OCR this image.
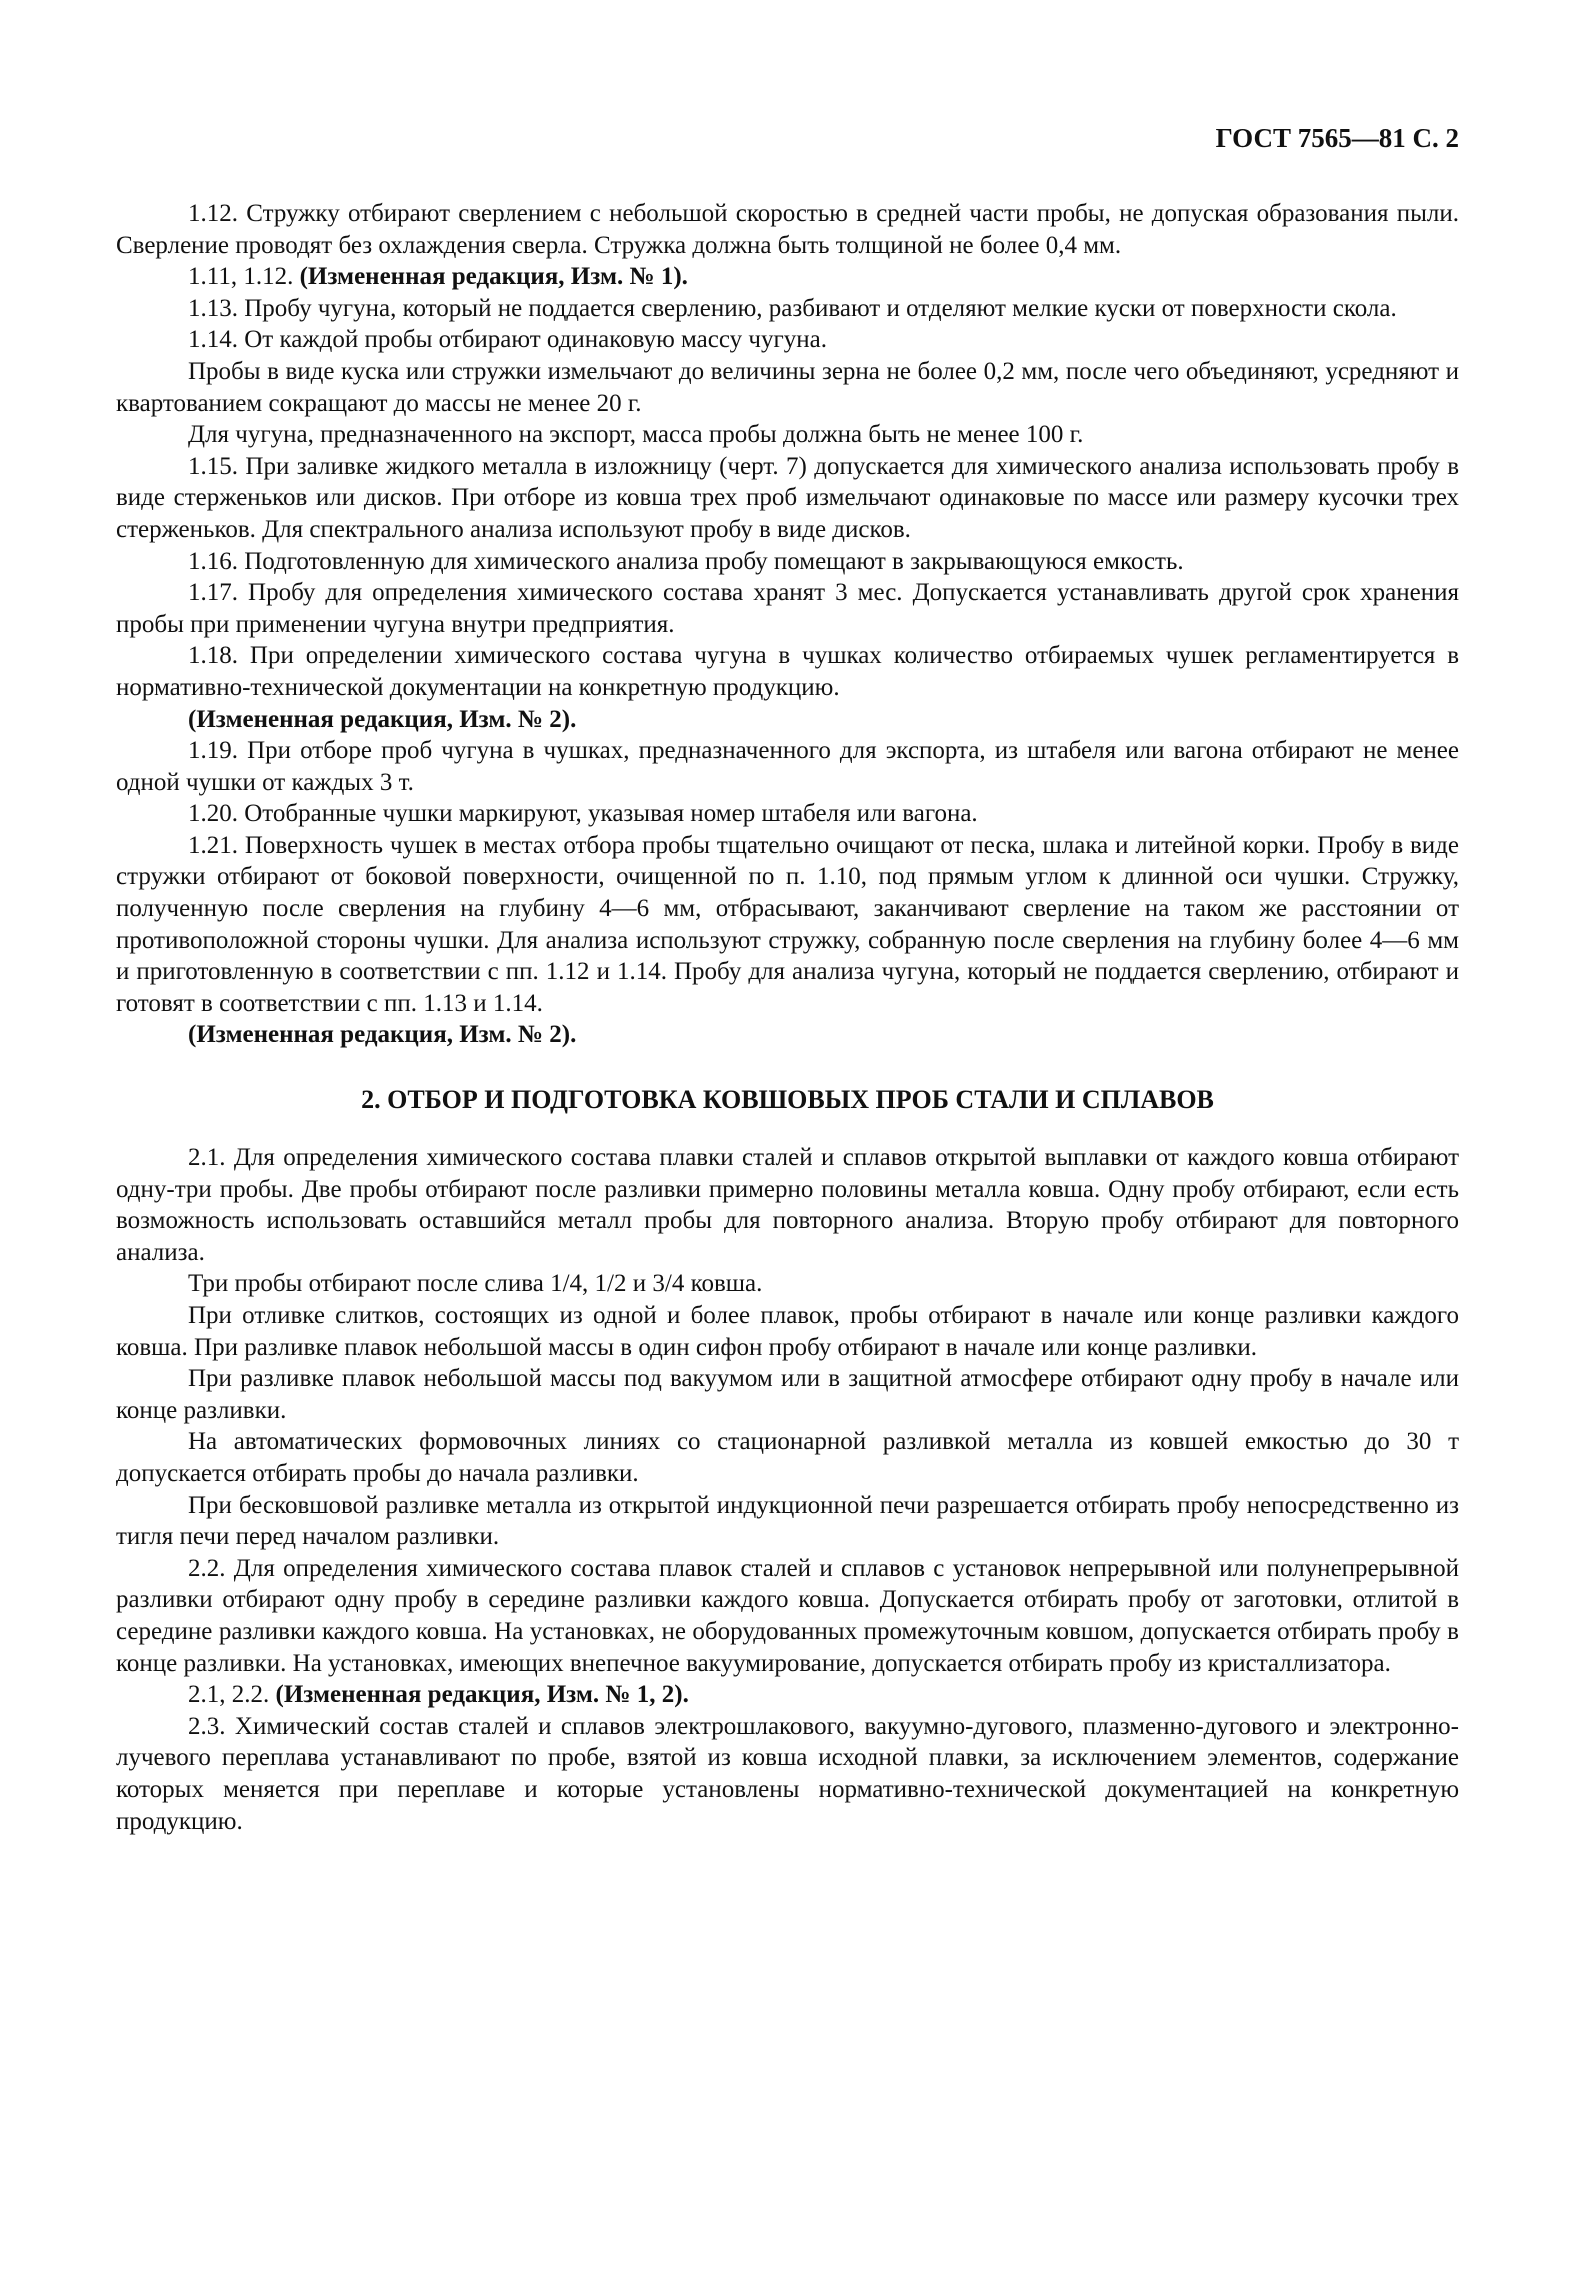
ГОСТ 7565—81 С. 2

1.12. Стружку отбирают сверлением с небольшой скоростью в средней части пробы, не допуская образования пыли. Сверление проводят без охлаждения сверла. Стружка должна быть толщиной не более 0,4 мм.

1.11, 1.12. (Измененная редакция, Изм. № 1).

1.13. Пробу чугуна, который не поддается сверлению, разбивают и отделяют мелкие куски от поверхности скола.

1.14. От каждой пробы отбирают одинаковую массу чугуна.

Пробы в виде куска или стружки измельчают до величины зерна не более 0,2 мм, после чего объединяют, усредняют и квартованием сокращают до массы не менее 20 г.

Для чугуна, предназначенного на экспорт, масса пробы должна быть не менее 100 г.

1.15. При заливке жидкого металла в изложницу (черт. 7) допускается для химического анализа использовать пробу в виде стерженьков или дисков. При отборе из ковша трех проб измельчают одинаковые по массе или размеру кусочки трех стерженьков. Для спектрального анализа используют пробу в виде дисков.

1.16. Подготовленную для химического анализа пробу помещают в закрывающуюся емкость.

1.17. Пробу для определения химического состава хранят 3 мес. Допускается устанавливать другой срок хранения пробы при применении чугуна внутри предприятия.

1.18. При определении химического состава чугуна в чушках количество отбираемых чушек регламентируется в нормативно-технической документации на конкретную продукцию.

(Измененная редакция, Изм. № 2).

1.19. При отборе проб чугуна в чушках, предназначенного для экспорта, из штабеля или вагона отбирают не менее одной чушки от каждых 3 т.

1.20. Отобранные чушки маркируют, указывая номер штабеля или вагона.

1.21. Поверхность чушек в местах отбора пробы тщательно очищают от песка, шлака и литейной корки. Пробу в виде стружки отбирают от боковой поверхности, очищенной по п. 1.10, под прямым углом к длинной оси чушки. Стружку, полученную после сверления на глубину 4—6 мм, отбрасывают, заканчивают сверление на таком же расстоянии от противоположной стороны чушки. Для анализа используют стружку, собранную после сверления на глубину более 4—6 мм и приготовленную в соответствии с пп. 1.12 и 1.14. Пробу для анализа чугуна, который не поддается сверлению, отбирают и готовят в соответствии с пп. 1.13 и 1.14.

(Измененная редакция, Изм. № 2).

2. ОТБОР И ПОДГОТОВКА КОВШОВЫХ ПРОБ СТАЛИ И СПЛАВОВ

2.1. Для определения химического состава плавки сталей и сплавов открытой выплавки от каждого ковша отбирают одну-три пробы. Две пробы отбирают после разливки примерно половины металла ковша. Одну пробу отбирают, если есть возможность использовать оставшийся металл пробы для повторного анализа. Вторую пробу отбирают для повторного анализа.

Три пробы отбирают после слива 1/4, 1/2 и 3/4 ковша.

При отливке слитков, состоящих из одной и более плавок, пробы отбирают в начале или конце разливки каждого ковша. При разливке плавок небольшой массы в один сифон пробу отбирают в начале или конце разливки.

При разливке плавок небольшой массы под вакуумом или в защитной атмосфере отбирают одну пробу в начале или конце разливки.

На автоматических формовочных линиях со стационарной разливкой металла из ковшей емкостью до 30 т допускается отбирать пробы до начала разливки.

При бесковшовой разливке металла из открытой индукционной печи разрешается отбирать пробу непосредственно из тигля печи перед началом разливки.

2.2. Для определения химического состава плавок сталей и сплавов с установок непрерывной или полунепрерывной разливки отбирают одну пробу в середине разливки каждого ковша. Допускается отбирать пробу от заготовки, отлитой в середине разливки каждого ковша. На установках, не оборудованных промежуточным ковшом, допускается отбирать пробу в конце разливки. На установках, имеющих внепечное вакуумирование, допускается отбирать пробу из кристаллизатора.

2.1, 2.2. (Измененная редакция, Изм. № 1, 2).

2.3. Химический состав сталей и сплавов электрошлакового, вакуумно-дугового, плазменно-дугового и электронно-лучевого переплава устанавливают по пробе, взятой из ковша исходной плавки, за исключением элементов, содержание которых меняется при переплаве и которые установлены нормативно-технической документацией на конкретную продукцию.
